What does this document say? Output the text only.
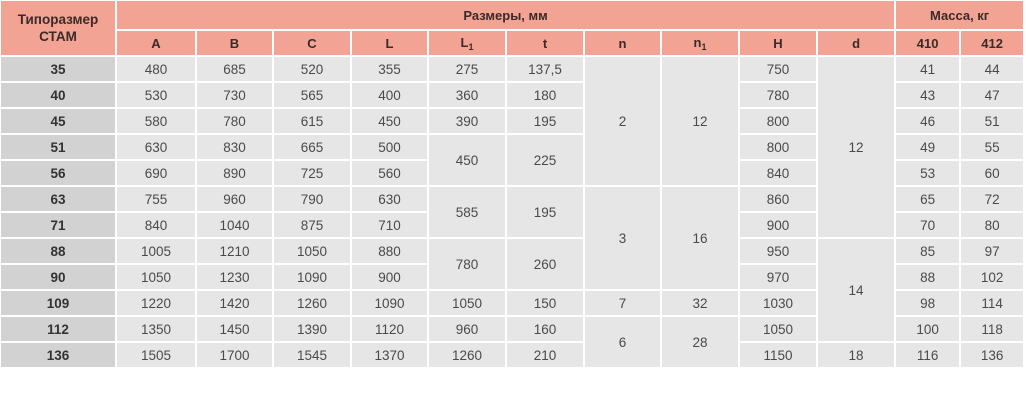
Типоразмер СТАМ	Размеры, мм										Масса, кг	
	A	B	C	L	$L_1$	t	n	$n_1$	H	d	410	412
35	480	685	520	355	275	137,5	2	12	750	12	41	44
40	530	730	565	400	360	180			780		43	47
45	580	780	615	450	390	195			800		46	51
51	630	830	665	500	450	225			800		49	55
56	690	890	725	560					840		53	60
63	755	960	790	630	585	195	3	16	860		65	72
71	840	1040	875	710					900		70	80
88	1005	1210	1050	880	780	260			950	14	85	97
90	1050	1230	1090	900					970		88	102
109	1220	1420	1260	1090	1050	150	7	32	1030		98	114
112	1350	1450	1390	1120	960	160	6	28	1050		100	118
136	1505	1700	1545	1370	1260	210			1150	18	116	136
